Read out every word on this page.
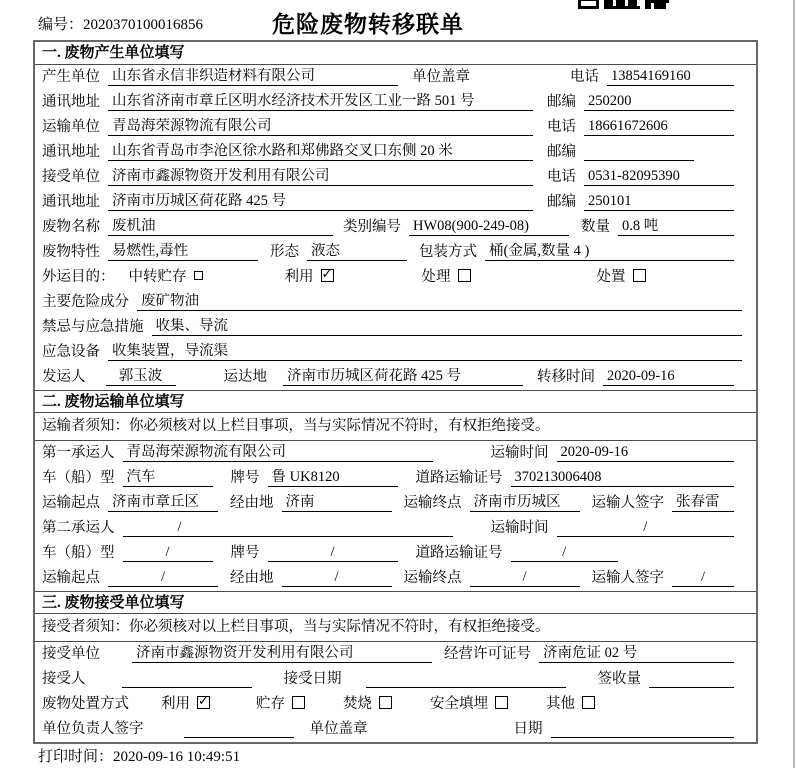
编号：2020370100016856	危险废物转移联单
一. 废物产生单位填写
产生单位 山东省永信非织造材料有限公司	单位盖章	电话 13854169160
通讯地址 山东省济南市章丘区明水经济技术开发区工业一路 501 号	邮编 250200
运输单位 青岛海荣源物流有限公司	电话 18661672606
通讯地址 山东省青岛市李沧区徐水路和郑佛路交叉口东侧 20 米	邮编
接受单位 济南市鑫源物资开发利用有限公司	电话 0531-82095390
通讯地址 济南市历城区荷花路 425 号	邮编 250101
废物名称 废机油	类别编号 HW08(900-249-08)	数量 0.8 吨
废物特性 易燃性,毒性	形态 液态	包装方式 桶(金属,数量 4 )
外运目的： 中转贮存	利用 ✓	处理	处置
主要危险成分 废矿物油
禁忌与应急措施 收集、导流
应急设备 收集装置，导流渠
发运人	郭玉波	运达地	济南市历城区荷花路 425 号	转移时间 2020-09-16
二. 废物运输单位填写
运输者须知：你必须核对以上栏目事项，当与实际情况不符时，有权拒绝接受。
第一承运人 青岛海荣源物流有限公司	运输时间 2020-09-16
车（船）型 汽车	牌号 鲁 UK8120	道路运输证号 370213006408
运输起点 济南市章丘区	经由地 济南	运输终点 济南市历城区	运输人签字 张春雷
第二承运人	/	运输时间	/
车（船）型	/	牌号	/	道路运输证号	/
运输起点	/	经由地	/	运输终点	/	运输人签字	/
三. 废物接受单位填写
接受者须知：你必须核对以上栏目事项，当与实际情况不符时，有权拒绝接受。
接受单位	济南市鑫源物资开发利用有限公司	经营许可证号 济南危证 02 号
接受人	接受日期	签收量
废物处置方式	利用 ✓	贮存	焚烧	安全填埋	其他
单位负责人签字	单位盖章	日期
打印时间：2020-09-16 10:49:51
